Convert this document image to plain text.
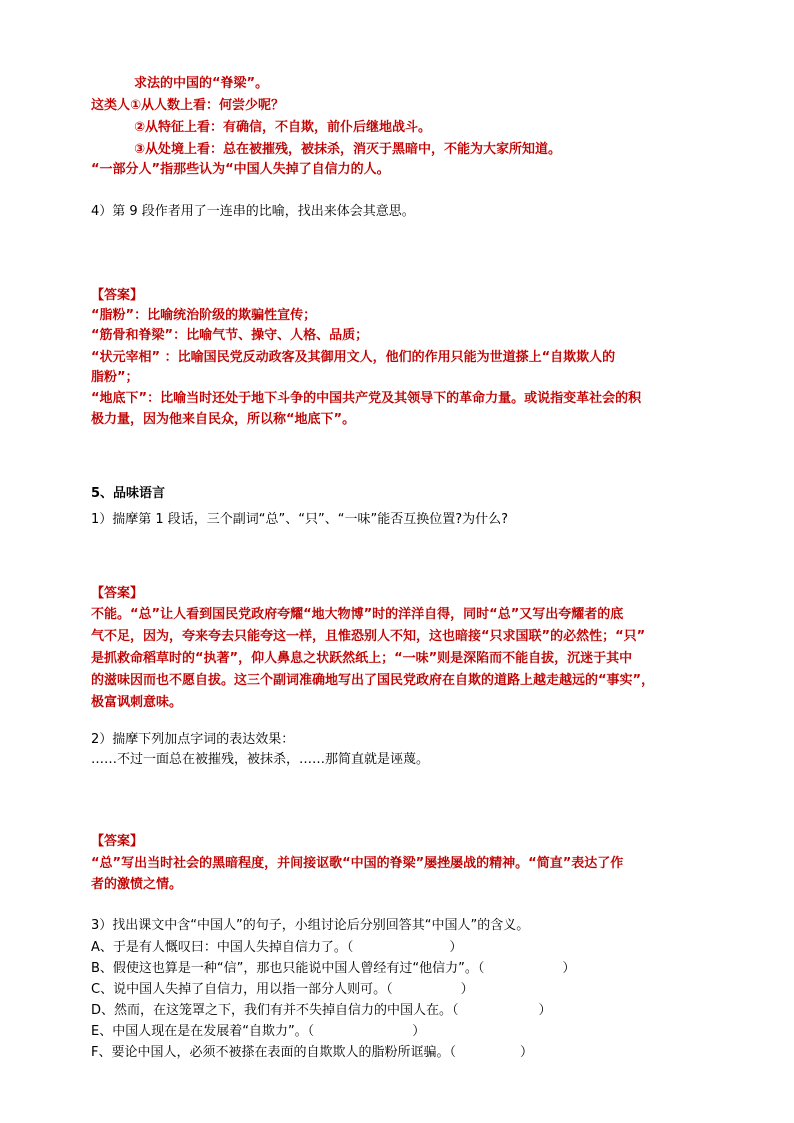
求法的中国的“脊梁”。
这类人①从人数上看：何尝少呢？
②从特征上看：有确信，不自欺，前仆后继地战斗。
③从处境上看：总在被摧残，被抹杀，消灭于黑暗中，不能为大家所知道。
“一部分人”指那些认为“中国人失掉了自信力的人。
4）第 9 段作者用了一连串的比喻，找出来体会其意思。
【答案】
“脂粉”：比喻统治阶级的欺骗性宣传；
“筋骨和脊梁”：比喻气节、操守、人格、品质；
“状元宰相” ：比喻国民党反动政客及其御用文人，他们的作用只能为世道搽上“自欺欺人的
脂粉”；
“地底下”：比喻当时还处于地下斗争的中国共产党及其领导下的革命力量。或说指变革社会的积
极力量，因为他来自民众，所以称“地底下”。
5、品味语言
1）揣摩第 1 段话，三个副词“总”、“只”、“一味”能否互换位置?为什么?
【答案】
不能。“总”让人看到国民党政府夸耀“地大物博”时的洋洋自得，同时“总”又写出夸耀者的底
气不足，因为，夸来夸去只能夸这一样，且惟恐别人不知，这也暗接“只求国联”的必然性；“只”
是抓救命稻草时的“执著”，仰人鼻息之状跃然纸上；“一味”则是深陷而不能自拔，沉迷于其中
的滋味因而也不愿自拔。这三个副词准确地写出了国民党政府在自欺的道路上越走越远的“事实”，
极富讽刺意味。
2）揣摩下列加点字词的表达效果：
……不过一面总在被摧残，被抹杀，……那简直就是诬蔑。
【答案】
“总”写出当时社会的黑暗程度，并间接讴歌“中国的脊梁”屡挫屡战的精神。“简直”表达了作
者的激愤之情。
3）找出课文中含“中国人”的句子，小组讨论后分别回答其“中国人”的含义。
A、于是有人慨叹曰：中国人失掉自信力了。（	）
B、假使这也算是一种“信”，那也只能说中国人曾经有过“他信力”。（	）
C、说中国人失掉了自信力，用以指一部分人则可。（	）
D、然而，在这笼罩之下，我们有并不失掉自信力的中国人在。（	）
E、中国人现在是在发展着“自欺力”。（	）
F、要论中国人，必须不被搽在表面的自欺欺人的脂粉所诓骗。（	）
